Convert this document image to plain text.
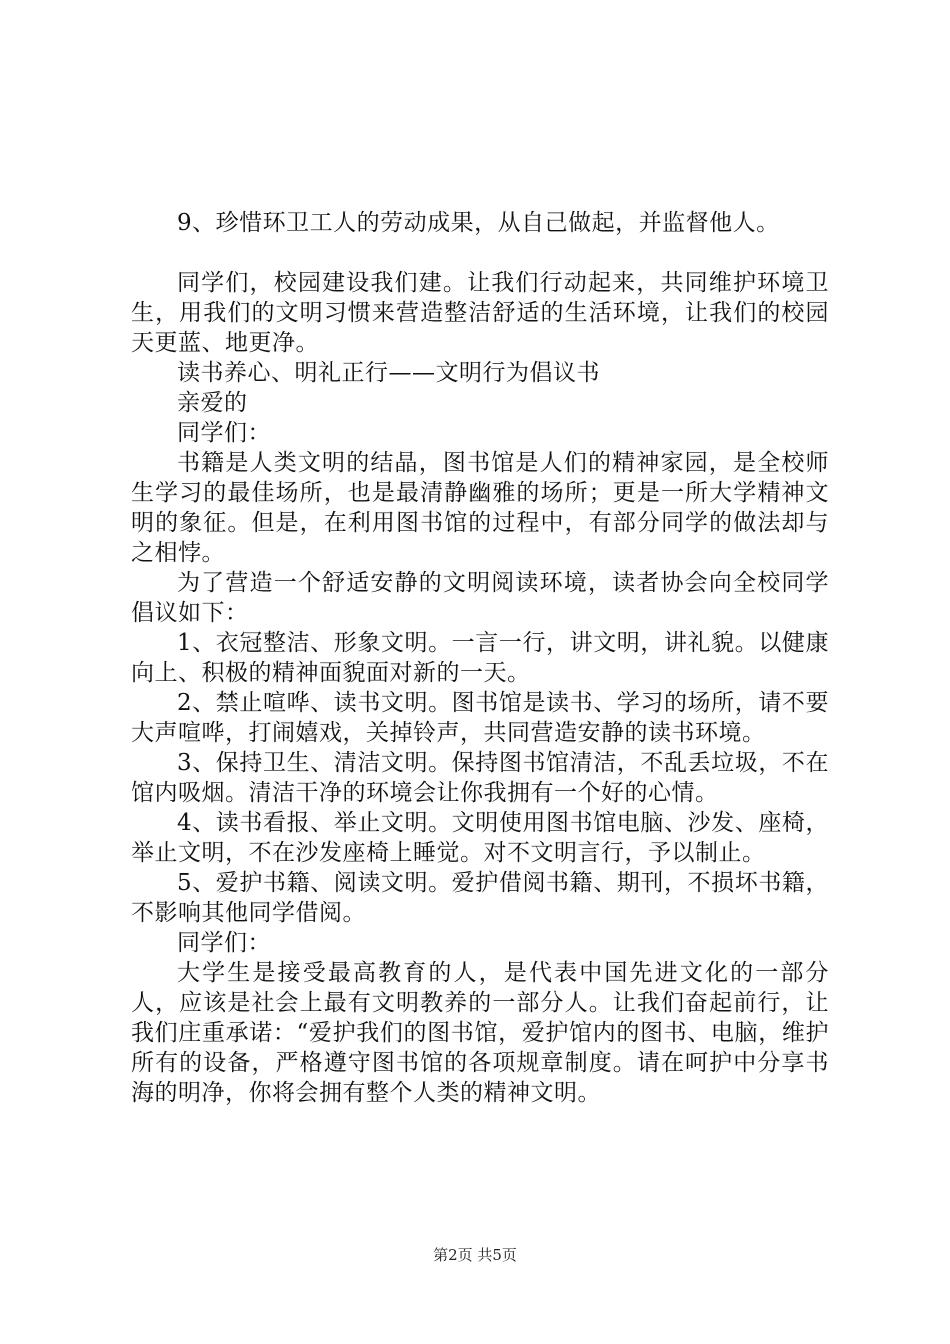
9、珍惜环卫工人的劳动成果，从自己做起，并监督他人。

同学们，校园建设我们建。让我们行动起来，共同维护环境卫生，用我们的文明习惯来营造整洁舒适的生活环境，让我们的校园天更蓝、地更净。

读书养心、明礼正行——文明行为倡议书

亲爱的

同学们：

书籍是人类文明的结晶，图书馆是人们的精神家园，是全校师生学习的最佳场所，也是最清静幽雅的场所；更是一所大学精神文明的象征。但是，在利用图书馆的过程中，有部分同学的做法却与之相悖。

为了营造一个舒适安静的文明阅读环境，读者协会向全校同学倡议如下：

1、衣冠整洁、形象文明。一言一行，讲文明，讲礼貌。以健康向上、积极的精神面貌面对新的一天。

2、禁止喧哗、读书文明。图书馆是读书、学习的场所，请不要大声喧哗，打闹嬉戏，关掉铃声，共同营造安静的读书环境。

3、保持卫生、清洁文明。保持图书馆清洁，不乱丢垃圾，不在馆内吸烟。清洁干净的环境会让你我拥有一个好的心情。

4、读书看报、举止文明。文明使用图书馆电脑、沙发、座椅，举止文明，不在沙发座椅上睡觉。对不文明言行，予以制止。

5、爱护书籍、阅读文明。爱护借阅书籍、期刊，不损坏书籍，不影响其他同学借阅。

同学们：

大学生是接受最高教育的人，是代表中国先进文化的一部分人，应该是社会上最有文明教养的一部分人。让我们奋起前行，让我们庄重承诺：“爱护我们的图书馆，爱护馆内的图书、电脑，维护所有的设备，严格遵守图书馆的各项规章制度。请在呵护中分享书海的明净，你将会拥有整个人类的精神文明。

第2页 共5页
